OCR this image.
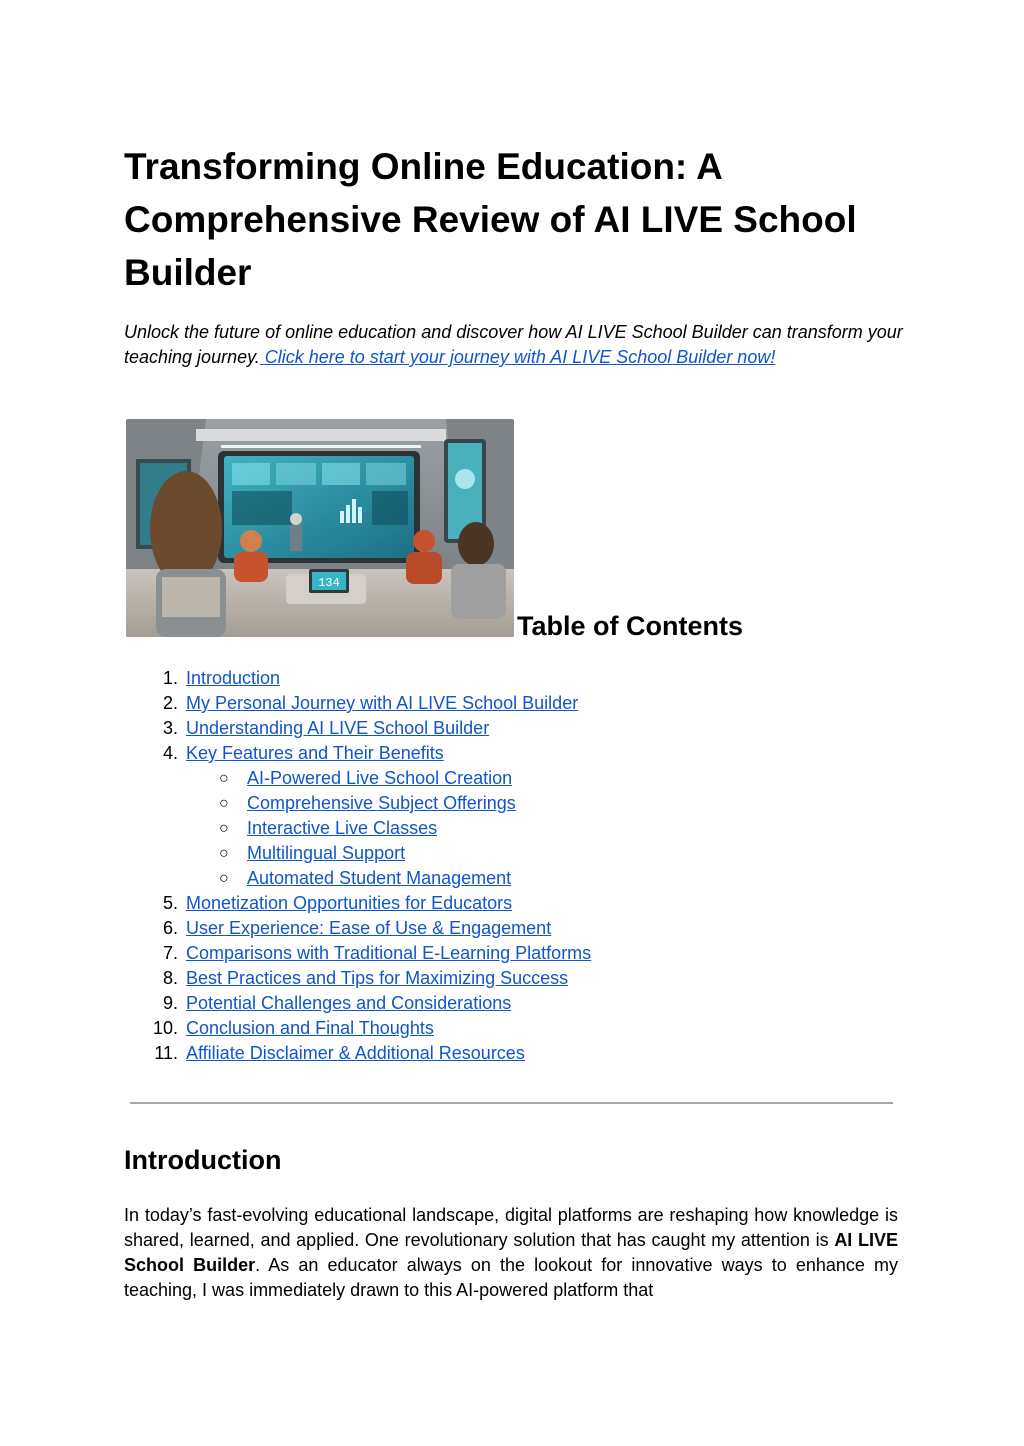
Transforming Online Education: A Comprehensive Review of AI LIVE School Builder

Unlock the future of online education and discover how AI LIVE School Builder can transform your teaching journey. Click here to start your journey with AI LIVE School Builder now!

134
Table of Contents
1. Introduction
2. My Personal Journey with AI LIVE School Builder
3. Understanding AI LIVE School Builder
4. Key Features and Their Benefits
○ AI-Powered Live School Creation
○ Comprehensive Subject Offerings
○ Interactive Live Classes
○ Multilingual Support
○ Automated Student Management
5. Monetization Opportunities for Educators
6. User Experience: Ease of Use & Engagement
7. Comparisons with Traditional E-Learning Platforms
8. Best Practices and Tips for Maximizing Success
9. Potential Challenges and Considerations
10. Conclusion and Final Thoughts
11. Affiliate Disclaimer & Additional Resources
Introduction

In today’s fast-evolving educational landscape, digital platforms are reshaping how knowledge is shared, learned, and applied. One revolutionary solution that has caught my attention is AI LIVE School Builder. As an educator always on the lookout for innovative ways to enhance my teaching, I was immediately drawn to this AI-powered platform that
